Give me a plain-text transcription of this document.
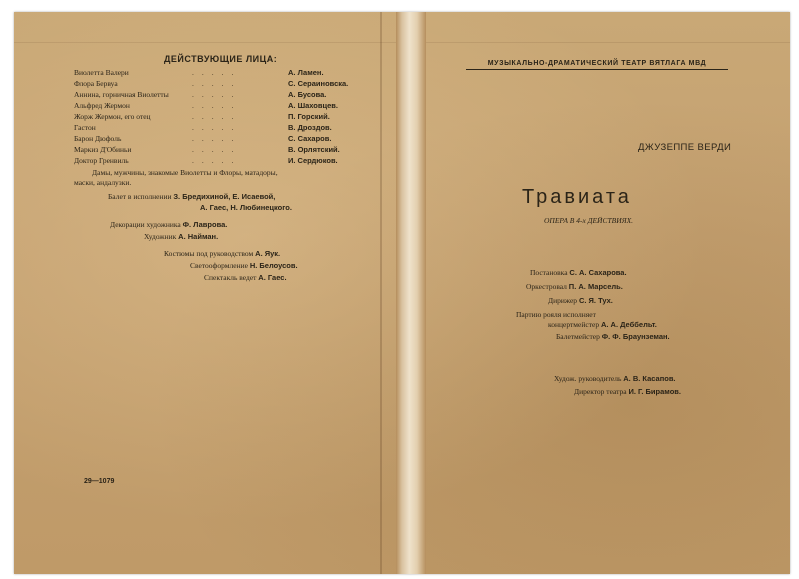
ДЕЙСТВУЮЩИЕ ЛИЦА:
Виолетта Валери	.....	А. Ламен.
Флора Бервуа	.....	С. Сераиновска.
Аннина, горничная Виолетты	.....	А. Бусова.
Альфред Жермон	.....	А. Шаховцев.
Жорж Жермон, его отец	.....	П. Горский.
Гастон	.....	В. Дроздов.
Барон Дюфоль	.....	С. Сахаров.
Маркиз Д'Обиньи	.....	В. Орлятский.
Доктор Гренвиль	.....	И. Сердюков.
Дамы, мужчины, знакомые Виолетты и Флоры, матадоры,
маски, андалузки.
Балет в исполнении З. Бредихиной, Е. Исаевой,
А. Гаес, Н. Любинецкого.
Декорации художника Ф. Лаврова.
Художник А. Найман.
Костюмы под руководством А. Яук.
Светооформление Н. Белоусов.
Спектакль ведет А. Гаес.
29—1079
МУЗЫКАЛЬНО-ДРАМАТИЧЕСКИЙ ТЕАТР ВЯТЛАГА МВД
ДЖУЗЕППЕ ВЕРДИ
Травиата
ОПЕРА В 4-х ДЕЙСТВИЯХ.
Постановка С. А. Сахарова.
Оркестровал П. А. Марсель.
Дирижер С. Я. Тух.
Партию рояля исполняет
концертмейстер А. А. Деббельт.
Балетмейстер Ф. Ф. Браунземан.
Худож. руководитель А. В. Касапов.
Директор театра И. Г. Бирамов.
